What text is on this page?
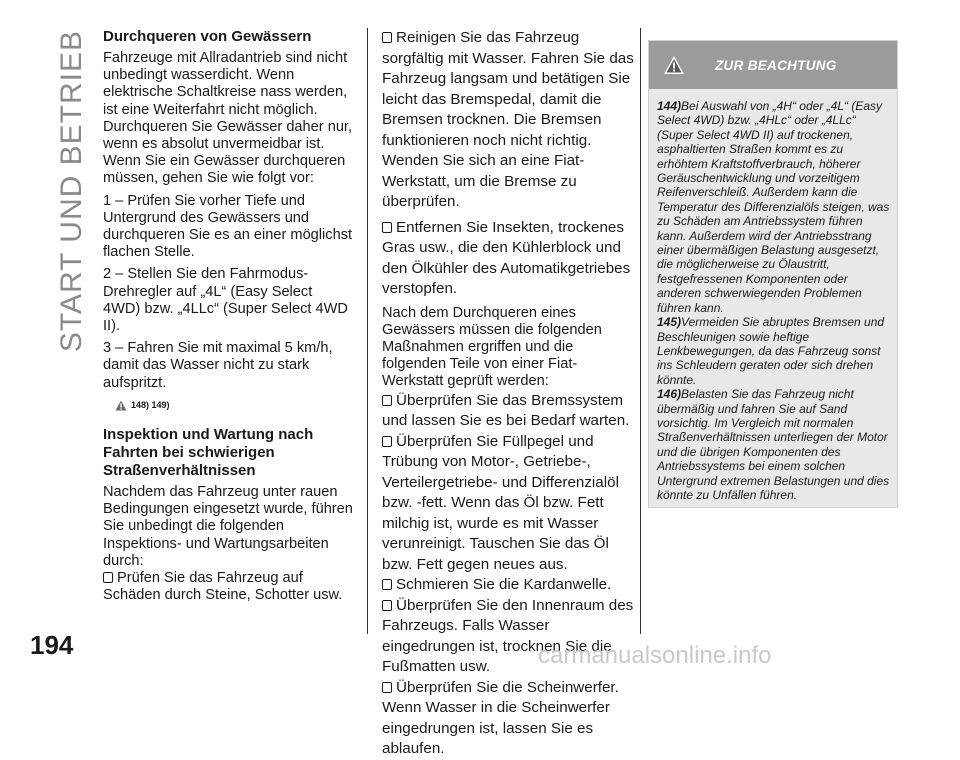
START UND BETRIEB Durchqueren von Gewässern

Fahrzeuge mit Allradantrieb sind nicht unbedingt wasserdicht. Wenn elektrische Schaltkreise nass werden, ist eine Weiterfahrt nicht möglich. Durchqueren Sie Gewässer daher nur, wenn es absolut unvermeidbar ist. Wenn Sie ein Gewässer durchqueren müssen, gehen Sie wie folgt vor:

1 – Prüfen Sie vorher Tiefe und Untergrund des Gewässers und durchqueren Sie es an einer möglichst flachen Stelle.

2 – Stellen Sie den Fahrmodus-Drehregler auf „4L“ (Easy Select 4WD) bzw. „4LLc“ (Super Select 4WD II).

3 – Fahren Sie mit maximal 5 km/h, damit das Wasser nicht zu stark aufspritzt.

148) 149)
Inspektion und Wartung nach Fahrten bei schwierigen Straßenverhältnissen

Nachdem das Fahrzeug unter rauen Bedingungen eingesetzt wurde, führen Sie unbedingt die folgenden Inspektions- und Wartungsarbeiten durch:

Prüfen Sie das Fahrzeug auf Schäden durch Steine, Schotter usw.

Reinigen Sie das Fahrzeug sorgfältig mit Wasser. Fahren Sie das Fahrzeug langsam und betätigen Sie leicht das Bremspedal, damit die Bremsen trocknen. Die Bremsen funktionieren noch nicht richtig. Wenden Sie sich an eine Fiat-Werkstatt, um die Bremse zu überprüfen.

Entfernen Sie Insekten, trockenes Gras usw., die den Kühlerblock und den Ölkühler des Automatikgetriebes verstopfen.

Nach dem Durchqueren eines Gewässers müssen die folgenden Maßnahmen ergriffen und die folgenden Teile von einer Fiat-Werkstatt geprüft werden:

Überprüfen Sie das Bremssystem und lassen Sie es bei Bedarf warten.

Überprüfen Sie Füllpegel und Trübung von Motor-, Getriebe-, Verteilergetriebe- und Differenzialöl bzw. -fett. Wenn das Öl bzw. Fett milchig ist, wurde es mit Wasser verunreinigt. Tauschen Sie das Öl bzw. Fett gegen neues aus.

Schmieren Sie die Kardanwelle.

Überprüfen Sie den Innenraum des Fahrzeugs. Falls Wasser eingedrungen ist, trocknen Sie die Fußmatten usw.

Überprüfen Sie die Scheinwerfer. Wenn Wasser in die Scheinwerfer eingedrungen ist, lassen Sie es ablaufen.

ZUR BEACHTUNG

144)Bei Auswahl von „4H“ oder „4L“ (Easy Select 4WD) bzw. „4HLc“ oder „4LLc“ (Super Select 4WD II) auf trockenen, asphaltierten Straßen kommt es zu erhöhtem Kraftstoffverbrauch, höherer Geräuschentwicklung und vorzeitigem Reifenverschleiß. Außerdem kann die Temperatur des Differenzialöls steigen, was zu Schäden am Antriebssystem führen kann. Außerdem wird der Antriebsstrang einer übermäßigen Belastung ausgesetzt, die möglicherweise zu Ölaustritt, festgefressenen Komponenten oder anderen schwerwiegenden Problemen führen kann.

145)Vermeiden Sie abruptes Bremsen und Beschleunigen sowie heftige Lenkbewegungen, da das Fahrzeug sonst ins Schleudern geraten oder sich drehen könnte.

146)Belasten Sie das Fahrzeug nicht übermäßig und fahren Sie auf Sand vorsichtig. Im Vergleich mit normalen Straßenverhältnissen unterliegen der Motor und die übrigen Komponenten des Antriebssystems bei einem solchen Untergrund extremen Belastungen und dies könnte zu Unfällen führen.

194	carmanualsonline.info
